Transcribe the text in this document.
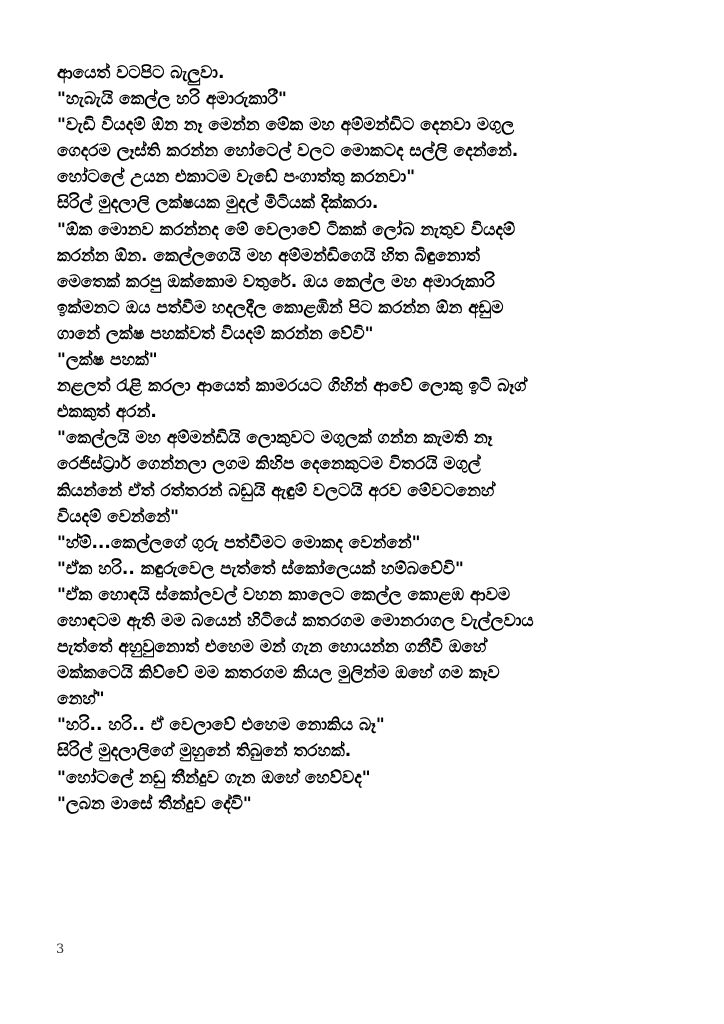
ආයෙත් වටපිට බැලුවා.
"හැබැයි කෙල්ල හරි අමාරුකාරී"
"වැඩි වියදම් ඕන නෑ මෙන්න මේක මහ අම්මන්ඩිට දෙනවා මගුල
ගෙදරම ලෑස්ති කරන්න හෝටෙල් වලට මොකටද සල්ලි දෙන්නේ.
හෝටලේ උයන එකාටම වැඩේ පංගාත්තු කරනවා"
සිරිල් මුදලාලි ලක්ෂයක මුදල් මිටියක් දික්කරා.
"ඕක මොනව කරන්නද මේ වෙලාවේ ටිකක් ලෝබ නැතුව වියදම්
කරන්න ඕන. කෙල්ලගෙයි මහ අම්මන්ඩිගෙයි හිත බිඳුනොත්
මෙතෙක් කරපු ඔක්කොම වතුරේ. ඔය කෙල්ල මහ අමාරුකාරි
ඉක්මනට ඔය පත්වීම හදලදීල කොළඹින් පිට කරන්න ඕන අඩුම
ගානේ ලක්ෂ පහක්වත් වියදම් කරන්න වේවි"
"ලක්ෂ පහක්"
නළලත් රැළි කරලා ආයෙත් කාමරයට ගිහින් ආවේ ලොකු ඉටි බෑග්
එකකුත් අරන්.
"කෙල්ලයි මහ අම්මන්ඩියි ලොකුවට මගුලක් ගන්න කැමති නෑ
රෙජිස්ට්‍රාර් ගෙන්නලා ලගම කිහිප දෙනෙකුටම විතරයි මගුල්
කියන්නේ ඒත් රත්තරන් බඩුයි ඇඳුම් වලටයි අරව මේවටනෙහ්
වියදම් වෙන්නේ"
"හ්ම්...කෙල්ලගේ ගුරු පත්වීමට මොකද වෙන්නේ"
"ඒක හරි.. කඳුරුවෙල පැත්තේ ස්කෝලෙයක් හම්බවේවි"
"ඒක හොඳයි ස්කෝලවල් වහන කාලෙට කෙල්ල කොළඹ ආවම
හොඳටම ඇති මම බයෙන් හිටියේ කතරගම මොනරාගල වැල්ලවාය
පැත්තේ අහුවුනොත් එහෙම මන් ගැන හොයන්න ගනීවී ඔහේ
මක්කටෙයි කිව්වේ මම කතරගම කියල මුලින්ම ඔහේ ගම කෑව
නෙහ්"
"හරි.. හරි.. ඒ වෙලාවේ එහෙම නොකිය බෑ"
සිරිල් මුදලාලිගේ මුහුනේ තිබුනේ තරහක්.
"හෝටලේ නඩු තීන්දුව ගැන ඔහේ හෙව්වද"
"ලබන මාසේ තීන්දුව දේවි"
3
